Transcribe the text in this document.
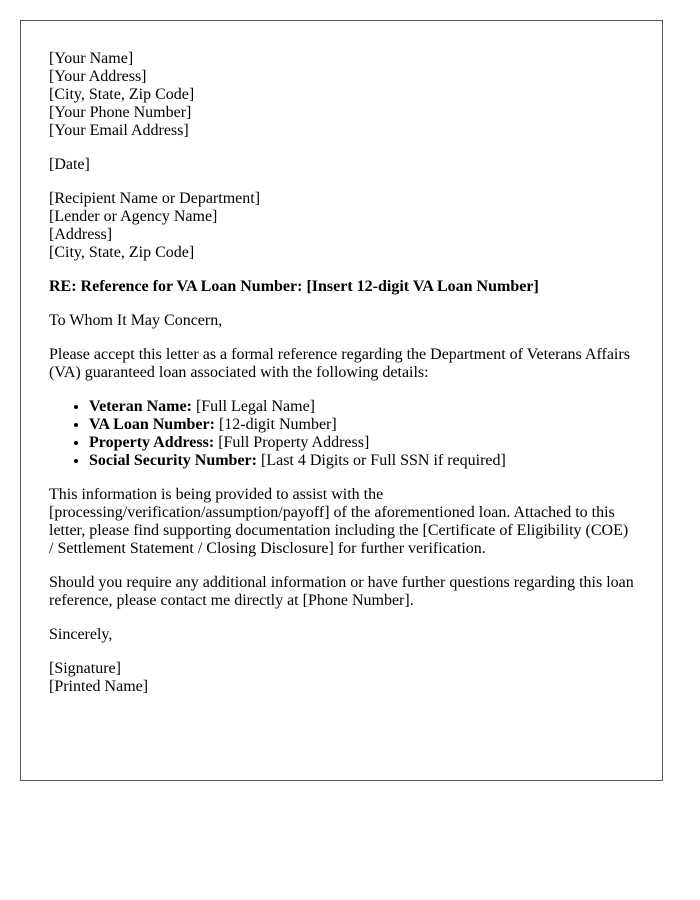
[Your Name]
[Your Address]
[City, State, Zip Code]
[Your Phone Number]
[Your Email Address]

[Date]

[Recipient Name or Department]
[Lender or Agency Name]
[Address]
[City, State, Zip Code]

RE: Reference for VA Loan Number: [Insert 12-digit VA Loan Number]

To Whom It May Concern,

Please accept this letter as a formal reference regarding the Department of Veterans Affairs (VA) guaranteed loan associated with the following details:

• Veteran Name: [Full Legal Name]
• VA Loan Number: [12-digit Number]
• Property Address: [Full Property Address]
• Social Security Number: [Last 4 Digits or Full SSN if required]

This information is being provided to assist with the [processing/verification/assumption/payoff] of the aforementioned loan. Attached to this letter, please find supporting documentation including the [Certificate of Eligibility (COE) / Settlement Statement / Closing Disclosure] for further verification.

Should you require any additional information or have further questions regarding this loan reference, please contact me directly at [Phone Number].

Sincerely,

[Signature]
[Printed Name]
